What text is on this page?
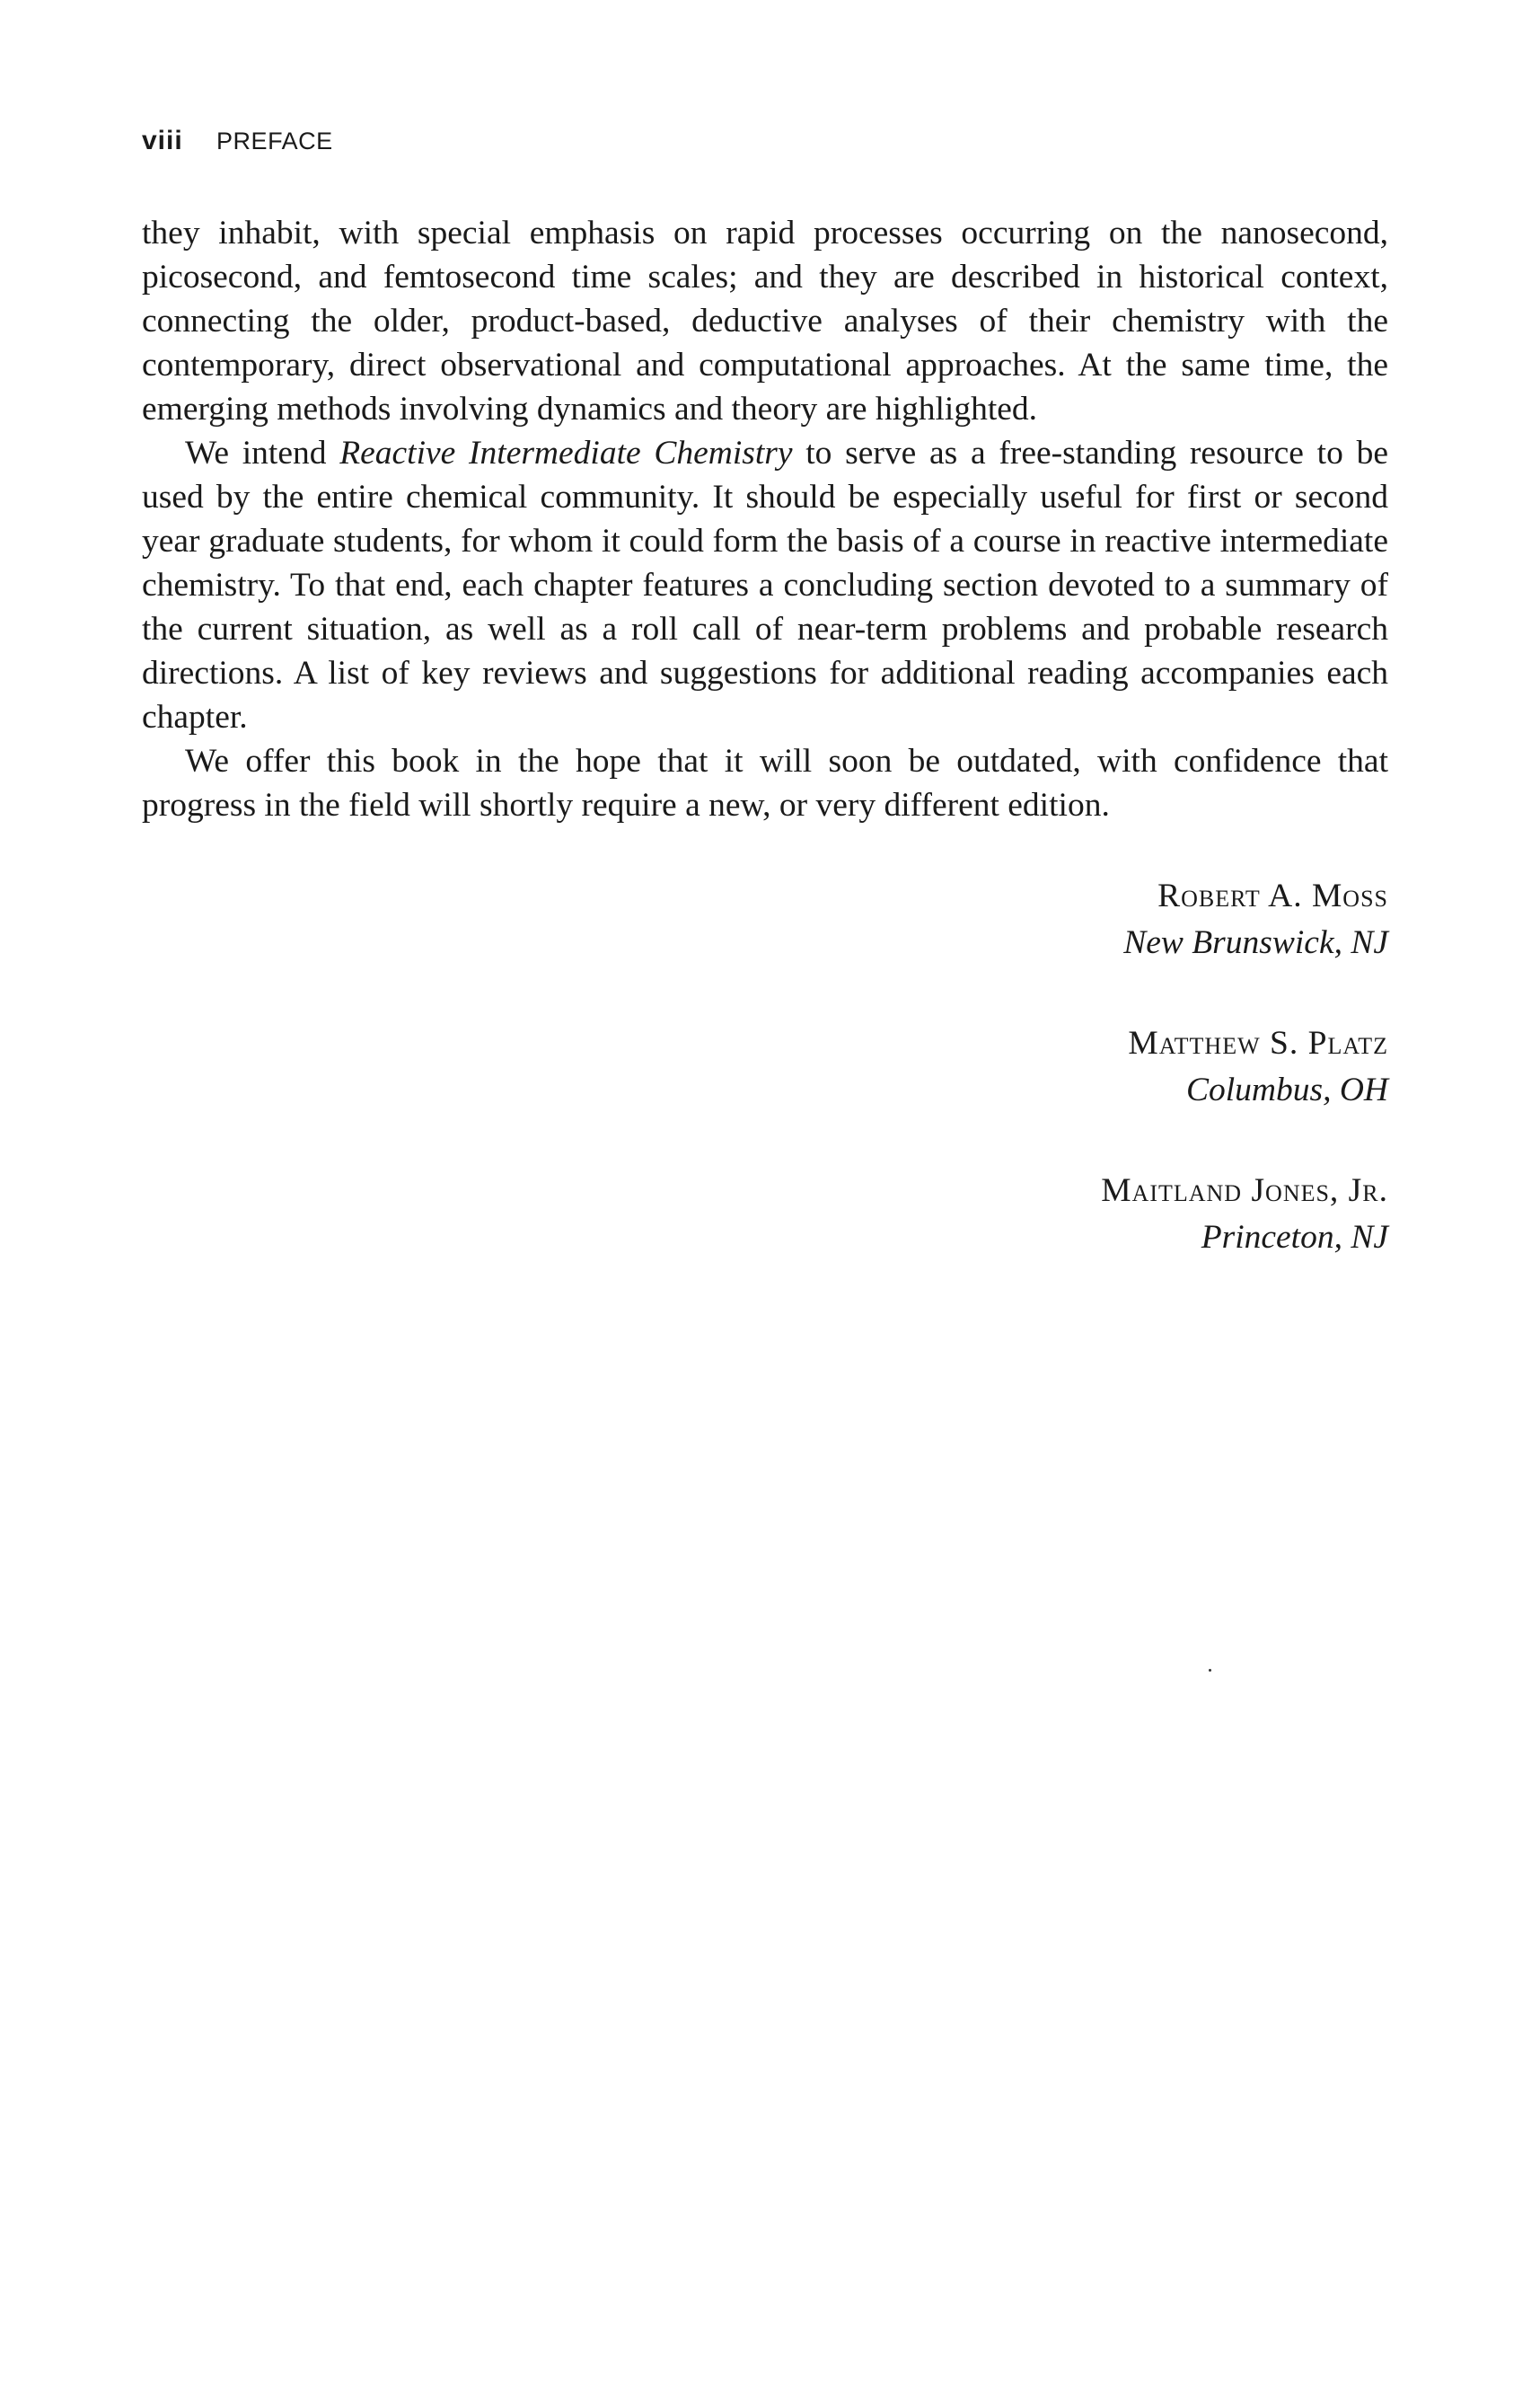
viii PREFACE

they inhabit, with special emphasis on rapid processes occurring on the nanosecond, picosecond, and femtosecond time scales; and they are described in historical context, connecting the older, product-based, deductive analyses of their chemistry with the contemporary, direct observational and computational approaches. At the same time, the emerging methods involving dynamics and theory are highlighted.

We intend Reactive Intermediate Chemistry to serve as a free-standing resource to be used by the entire chemical community. It should be especially useful for first or second year graduate students, for whom it could form the basis of a course in reactive intermediate chemistry. To that end, each chapter features a concluding section devoted to a summary of the current situation, as well as a roll call of near-term problems and probable research directions. A list of key reviews and suggestions for additional reading accompanies each chapter.

We offer this book in the hope that it will soon be outdated, with confidence that progress in the field will shortly require a new, or very different edition.

Robert A. Moss
New Brunswick, NJ
Matthew S. Platz
Columbus, OH
Maitland Jones, Jr.
Princeton, NJ
